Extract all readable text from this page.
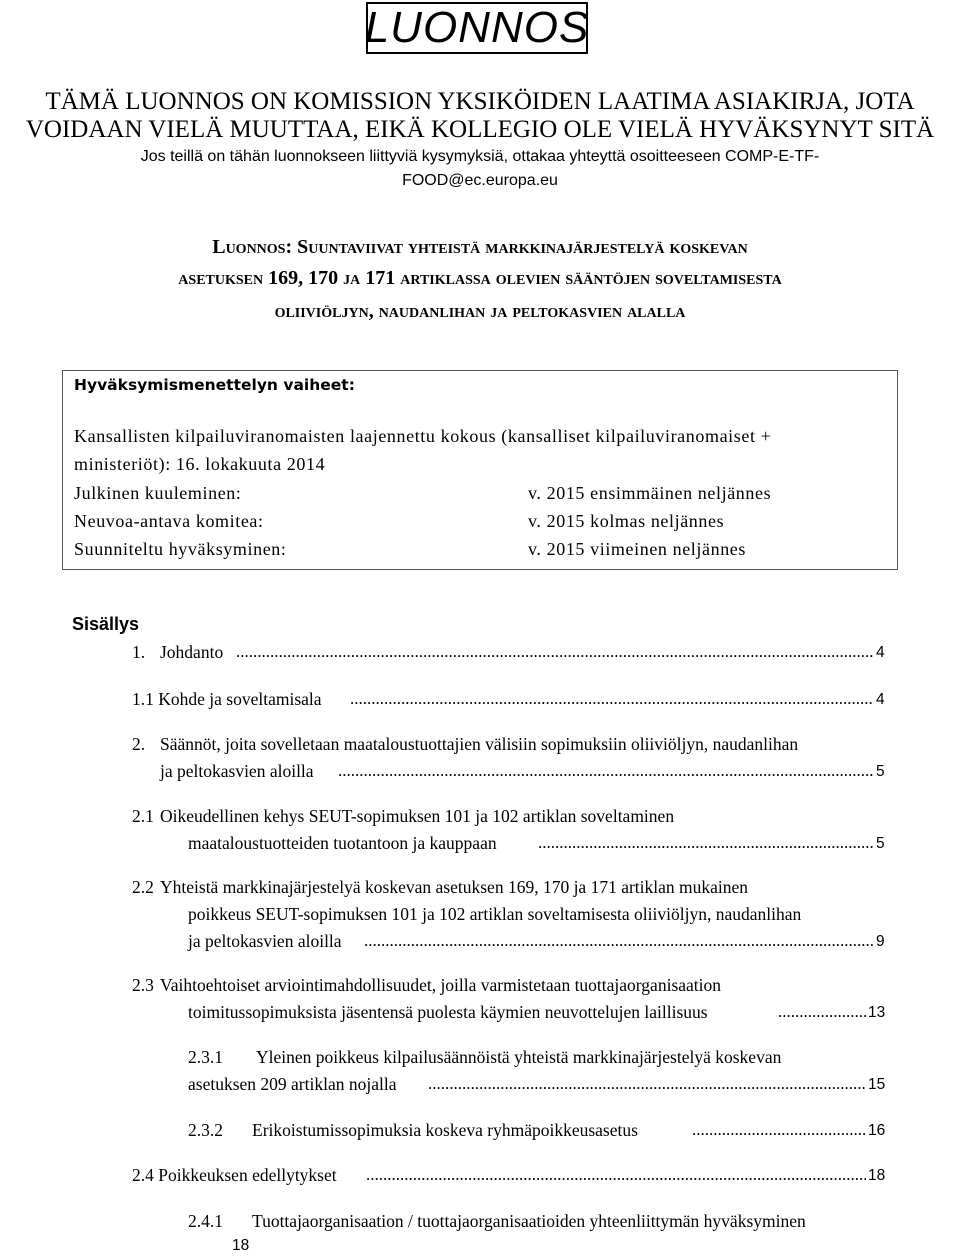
LUONNOS
TÄMÄ LUONNOS ON KOMISSION YKSIKÖIDEN LAATIMA ASIAKIRJA, JOTA
VOIDAAN VIELÄ MUUTTAA, EIKÄ KOLLEGIO OLE VIELÄ HYVÄKSYNYT SITÄ
Jos teillä on tähän luonnokseen liittyviä kysymyksiä, ottakaa yhteyttä osoitteeseen COMP-E-TF-
FOOD@ec.europa.eu
Luonnos: Suuntaviivat yhteistä markkinajärjestelyä koskevan
asetuksen 169, 170 ja 171 artiklassa olevien sääntöjen soveltamisesta
oliiviöljyn, naudanlihan ja peltokasvien alalla
Hyväksymismenettelyn vaiheet:
Kansallisten kilpailuviranomaisten laajennettu kokous (kansalliset kilpailuviranomaiset +
ministeriöt): 16. lokakuuta 2014
Julkinen kuuleminen:	v. 2015 ensimmäinen neljännes
Neuvoa-antava komitea:	v. 2015 kolmas neljännes
Suunniteltu hyväksyminen:	v. 2015 viimeinen neljännes
Sisällys
1. Johdanto .....	4
1.1 Kohde ja soveltamisala .....	4
2. Säännöt, joita sovelletaan maataloustuottajien välisiin sopimuksiin oliiviöljyn, naudanlihan
ja peltokasvien aloilla .....	5
2.1 Oikeudellinen kehys SEUT-sopimuksen 101 ja 102 artiklan soveltaminen
maataloustuotteiden tuotantoon ja kauppaan .....	5
2.2 Yhteistä markkinajärjestelyä koskevan asetuksen 169, 170 ja 171 artiklan mukainen
poikkeus SEUT-sopimuksen 101 ja 102 artiklan soveltamisesta oliiviöljyn, naudanlihan
ja peltokasvien aloilla .....	9
2.3 Vaihtoehtoiset arviointimahdollisuudet, joilla varmistetaan tuottajaorganisaation
toimitussopimuksista jäsentensä puolesta käymien neuvottelujen laillisuus .....	13
2.3.1 Yleinen poikkeus kilpailusäännöistä yhteistä markkinajärjestelyä koskevan
asetuksen 209 artiklan nojalla .....	15
2.3.2 Erikoistumissopimuksia koskeva ryhmäpoikkeusasetus .....	16
2.4 Poikkeuksen edellytykset .....	18
2.4.1 Tuottajaorganisaation / tuottajaorganisaatioiden yhteenliittymän hyväksyminen
18
